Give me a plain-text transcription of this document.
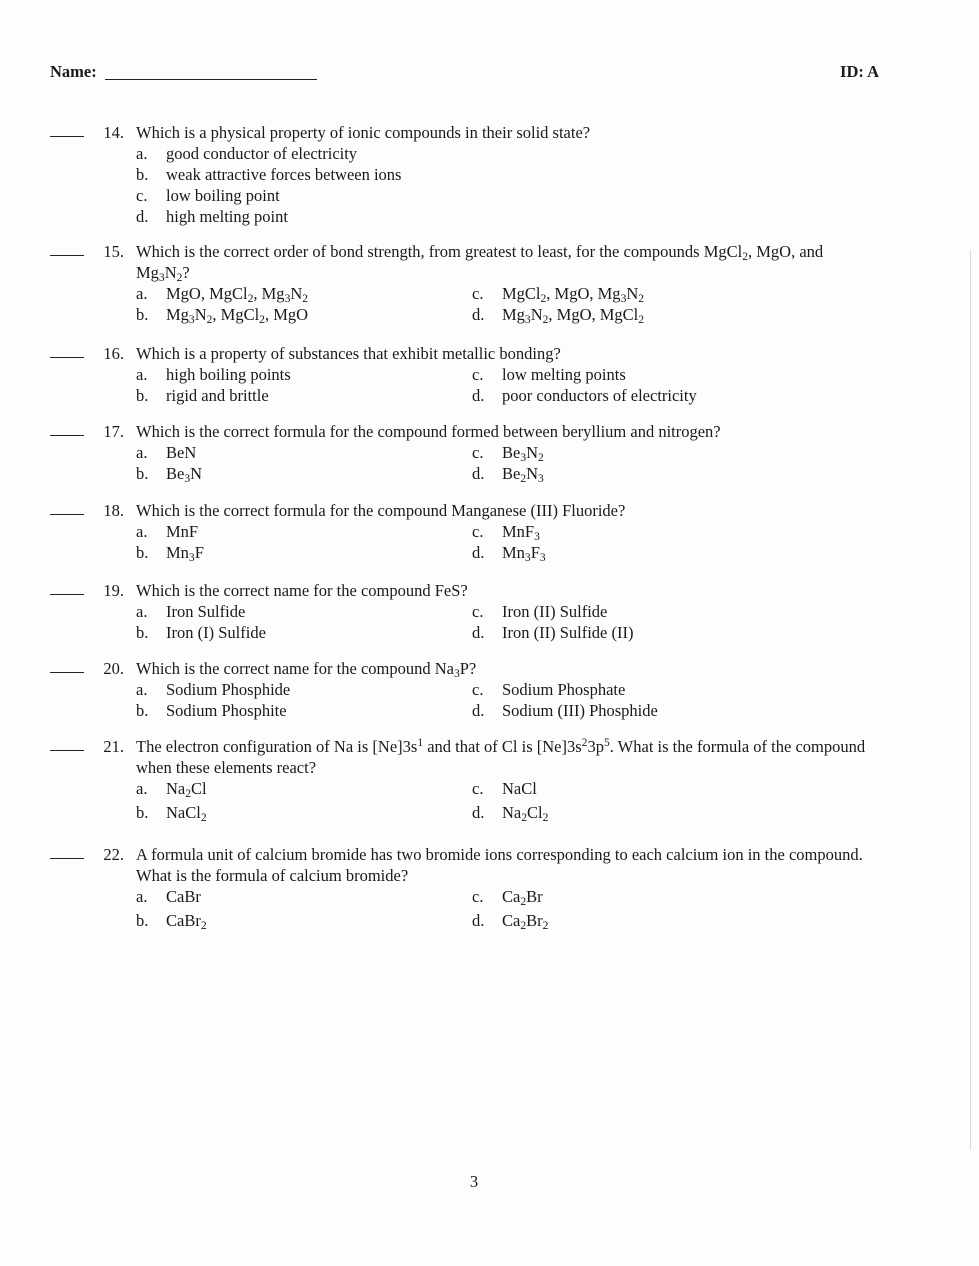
Name:	ID: A
14. Which is a physical property of ionic compounds in their solid state?
a. good conductor of electricity
b. weak attractive forces between ions
c. low boiling point
d. high melting point
15. Which is the correct order of bond strength, from greatest to least, for the compounds MgCl$_2$, MgO, and $Mg_3N_2$?
a. MgO, MgCl$_2$, $Mg_3N_2$
b. $Mg_3N_2$, MgCl$_2$, MgO
c. MgCl$_2$, MgO, $Mg_3N_2$
d. $Mg_3N_2$, MgO, MgCl$_2$
16. Which is a property of substances that exhibit metallic bonding?
a. high boiling points
b. rigid and brittle
c. low melting points
d. poor conductors of electricity
17. Which is the correct formula for the compound formed between beryllium and nitrogen?
a. BeN
b. $Be_3N$
c. $Be_3N_2$
d. $Be_2N_3$
18. Which is the correct formula for the compound Manganese (III) Fluoride?
a. MnF
b. $Mn_3F$
c. MnF$_3$
d. $Mn_3F_3$
19. Which is the correct name for the compound FeS?
a. Iron Sulfide
b. Iron (I) Sulfide
c. Iron (II) Sulfide
d. Iron (II) Sulfide (II)
20. Which is the correct name for the compound $Na_3P$?
a. Sodium Phosphide
b. Sodium Phosphite
c. Sodium Phosphate
d. Sodium (III) Phosphide
21. The electron configuration of Na is $[Ne]3s^1$ and that of Cl is $[Ne]3s^23p^5$. What is the formula of the compound when these elements react?
a. $Na_2Cl$
b. NaCl$_2$
c. NaCl
d. $Na_2Cl_2$
22. A formula unit of calcium bromide has two bromide ions corresponding to each calcium ion in the compound. What is the formula of calcium bromide?
a. CaBr
b. CaBr$_2$
c. $Ca_2Br$
d. $Ca_2Br_2$
3
